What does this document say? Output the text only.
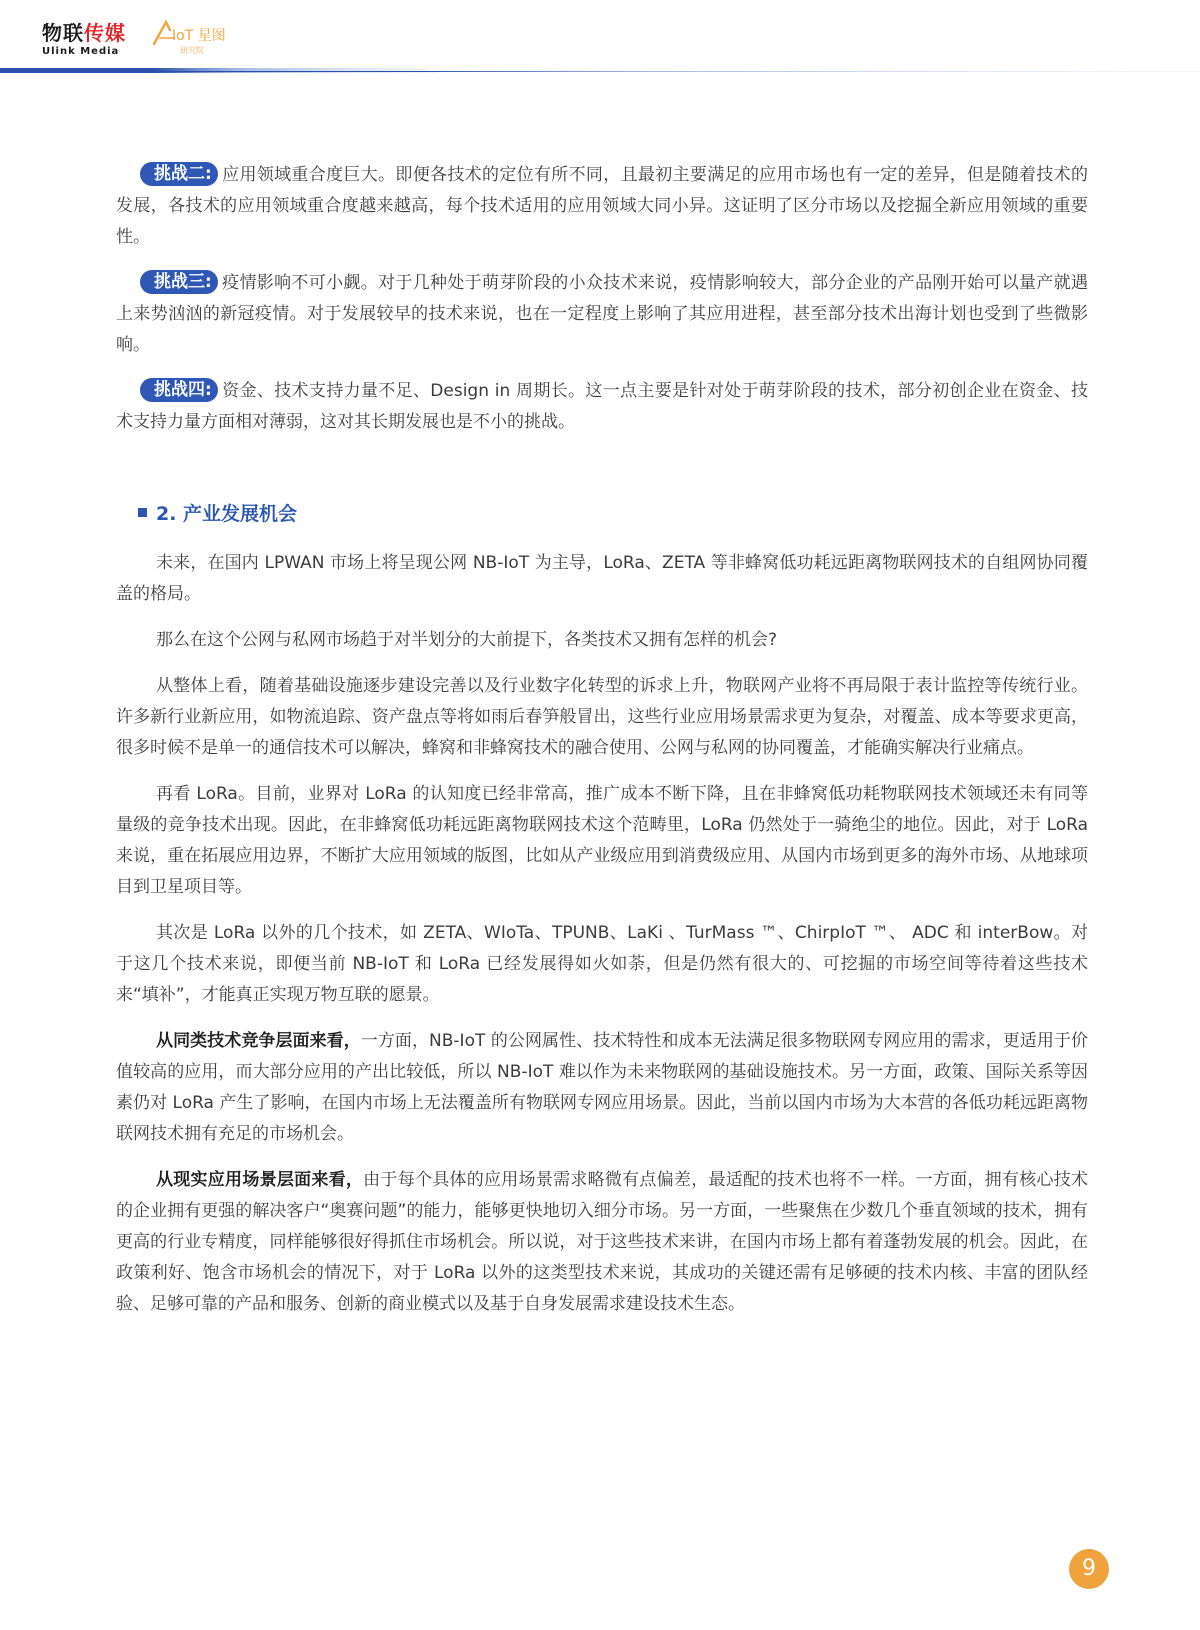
物联传媒
Ulink Media
IoT 星图
研究院

挑战二: 应用领域重合度巨大。即便各技术的定位有所不同，且最初主要满足的应用市场也有一定的差异，但是随着技术的发展，各技术的应用领域重合度越来越高，每个技术适用的应用领域大同小异。这证明了区分市场以及挖掘全新应用领域的重要性。

挑战三: 疫情影响不可小觑。对于几种处于萌芽阶段的小众技术来说，疫情影响较大，部分企业的产品刚开始可以量产就遇上来势汹汹的新冠疫情。对于发展较早的技术来说，也在一定程度上影响了其应用进程，甚至部分技术出海计划也受到了些微影响。

挑战四: 资金、技术支持力量不足、Design in 周期长。这一点主要是针对处于萌芽阶段的技术，部分初创企业在资金、技术支持力量方面相对薄弱，这对其长期发展也是不小的挑战。

2. 产业发展机会

未来，在国内 LPWAN 市场上将呈现公网 NB-IoT 为主导，LoRa、ZETA 等非蜂窝低功耗远距离物联网技术的自组网协同覆盖的格局。

那么在这个公网与私网市场趋于对半划分的大前提下，各类技术又拥有怎样的机会?

从整体上看，随着基础设施逐步建设完善以及行业数字化转型的诉求上升，物联网产业将不再局限于表计监控等传统行业。许多新行业新应用，如物流追踪、资产盘点等将如雨后春笋般冒出，这些行业应用场景需求更为复杂，对覆盖、成本等要求更高，很多时候不是单一的通信技术可以解决，蜂窝和非蜂窝技术的融合使用、公网与私网的协同覆盖，才能确实解决行业痛点。

再看 LoRa。目前，业界对 LoRa 的认知度已经非常高，推广成本不断下降，且在非蜂窝低功耗物联网技术领域还未有同等量级的竞争技术出现。因此，在非蜂窝低功耗远距离物联网技术这个范畴里，LoRa 仍然处于一骑绝尘的地位。因此，对于 LoRa 来说，重在拓展应用边界，不断扩大应用领域的版图，比如从产业级应用到消费级应用、从国内市场到更多的海外市场、从地球项目到卫星项目等。

其次是 LoRa 以外的几个技术，如 ZETA、WIoTa、TPUNB、LaKi 、TurMass ™、ChirpIoT ™、 ADC 和 interBow。对于这几个技术来说，即便当前 NB-IoT 和 LoRa 已经发展得如火如荼，但是仍然有很大的、可挖掘的市场空间等待着这些技术来“填补”，才能真正实现万物互联的愿景。

从同类技术竞争层面来看，一方面，NB-IoT 的公网属性、技术特性和成本无法满足很多物联网专网应用的需求，更适用于价值较高的应用，而大部分应用的产出比较低，所以 NB-IoT 难以作为未来物联网的基础设施技术。另一方面，政策、国际关系等因素仍对 LoRa 产生了影响，在国内市场上无法覆盖所有物联网专网应用场景。因此，当前以国内市场为大本营的各低功耗远距离物联网技术拥有充足的市场机会。

从现实应用场景层面来看，由于每个具体的应用场景需求略微有点偏差，最适配的技术也将不一样。一方面，拥有核心技术的企业拥有更强的解决客户“奥赛问题”的能力，能够更快地切入细分市场。另一方面，一些聚焦在少数几个垂直领域的技术，拥有更高的行业专精度，同样能够很好得抓住市场机会。所以说，对于这些技术来讲，在国内市场上都有着蓬勃发展的机会。因此，在政策利好、饱含市场机会的情况下，对于 LoRa 以外的这类型技术来说，其成功的关键还需有足够硬的技术内核、丰富的团队经验、足够可靠的产品和服务、创新的商业模式以及基于自身发展需求建设技术生态。

9
